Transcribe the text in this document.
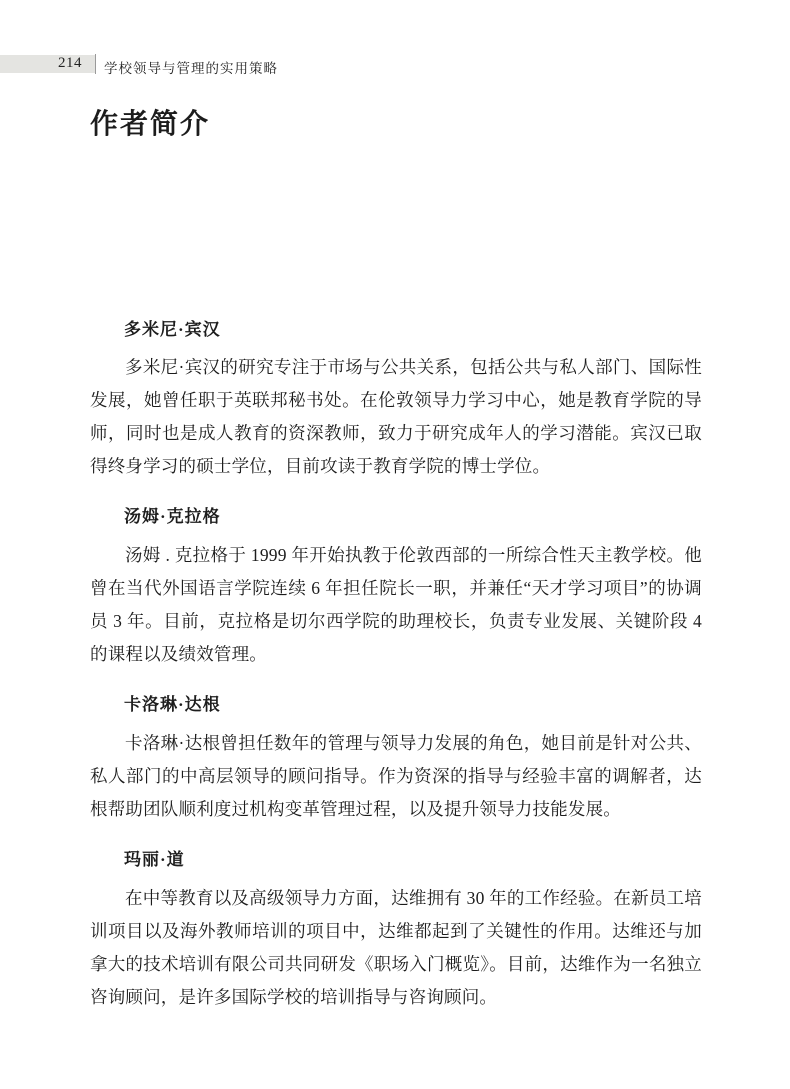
214 学校领导与管理的实用策略
作者简介
多米尼·宾汉

多米尼·宾汉的研究专注于市场与公共关系，包括公共与私人部门、国际性发展，她曾任职于英联邦秘书处。在伦敦领导力学习中心，她是教育学院的导师，同时也是成人教育的资深教师，致力于研究成年人的学习潜能。宾汉已取得终身学习的硕士学位，目前攻读于教育学院的博士学位。

汤姆·克拉格

汤姆 . 克拉格于 1999 年开始执教于伦敦西部的一所综合性天主教学校。他曾在当代外国语言学院连续 6 年担任院长一职，并兼任“天才学习项目”的协调员 3 年。目前，克拉格是切尔西学院的助理校长，负责专业发展、关键阶段 4 的课程以及绩效管理。

卡洛琳·达根

卡洛琳·达根曾担任数年的管理与领导力发展的角色，她目前是针对公共、私人部门的中高层领导的顾问指导。作为资深的指导与经验丰富的调解者，达根帮助团队顺利度过机构变革管理过程，以及提升领导力技能发展。

玛丽·道

在中等教育以及高级领导力方面，达维拥有 30 年的工作经验。在新员工培训项目以及海外教师培训的项目中，达维都起到了关键性的作用。达维还与加拿大的技术培训有限公司共同研发《职场入门概览》。目前，达维作为一名独立咨询顾问，是许多国际学校的培训指导与咨询顾问。
